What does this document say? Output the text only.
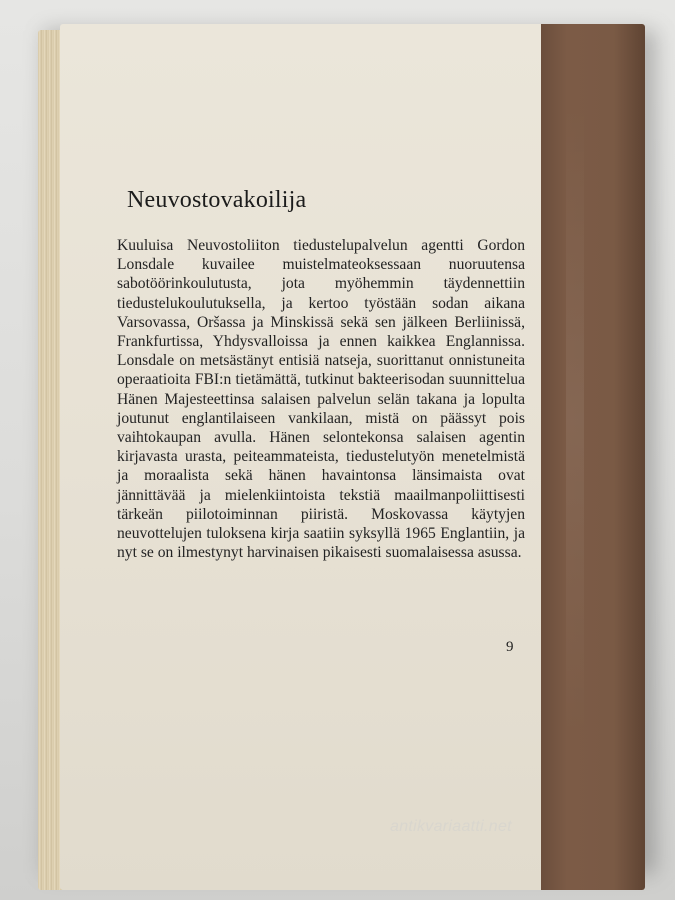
Neuvostovakoilija

Kuuluisa Neuvostoliiton tiedustelupalvelun agentti Gordon Lonsdale kuvailee muistelmateoksessaan nuoruutensa sabotöörinkoulutusta, jota myöhemmin täydennettiin tiedustelukoulutuksella, ja kertoo työstään sodan aikana Varsovassa, Oršassa ja Minskissä sekä sen jälkeen Berliinissä, Frankfurtissa, Yhdysvalloissa ja ennen kaikkea Englannissa. Lonsdale on metsästänyt entisiä natseja, suorittanut onnistuneita operaatioita FBI:n tietämättä, tutkinut bakteerisodan suunnittelua Hänen Majesteettinsa salaisen palvelun selän takana ja lopulta joutunut englantilaiseen vankilaan, mistä on päässyt pois vaihtokaupan avulla. Hänen selontekonsa salaisen agentin kirjavasta urasta, peiteammateista, tiedustelutyön menetelmistä ja moraalista sekä hänen havaintonsa länsimaista ovat jännittävää ja mielenkiintoista tekstiä maailmanpoliittisesti tärkeän piilotoiminnan piiristä. Moskovassa käytyjen neuvottelujen tuloksena kirja saatiin syksyllä 1965 Englantiin, ja nyt se on ilmestynyt harvinaisen pikaisesti suomalaisessa asussa.

9
antikvariaatti.net
